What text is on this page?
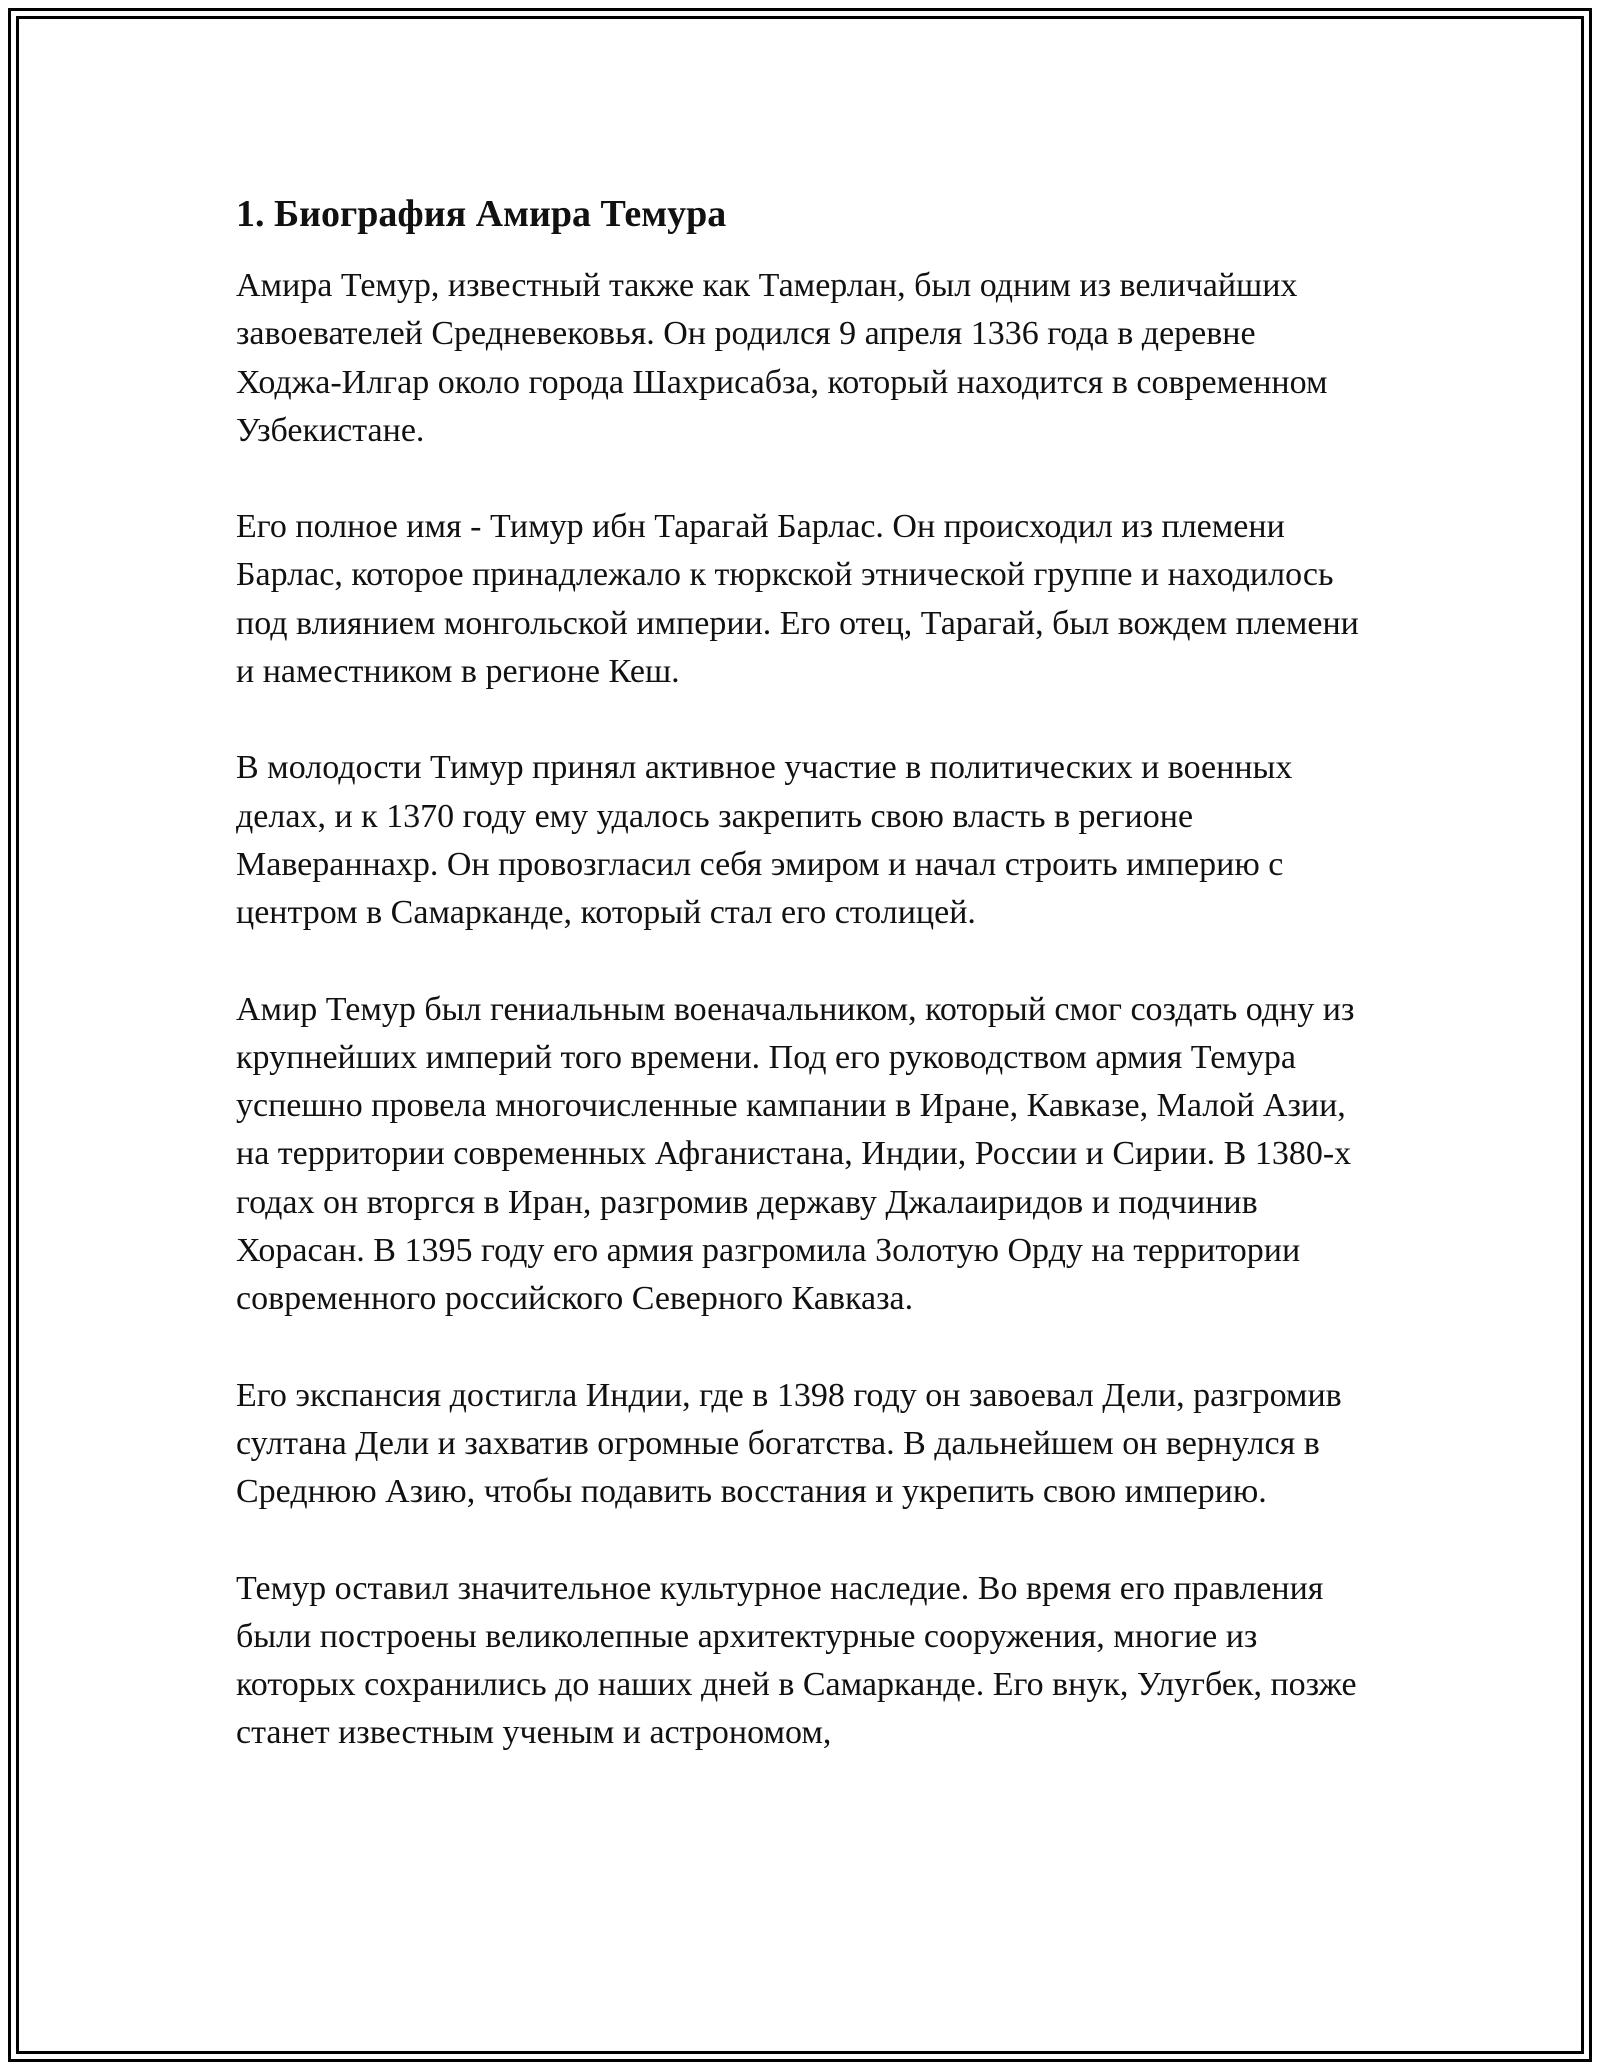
1. Биография Амира Темура

Амира Темур, известный также как Тамерлан, был одним из величайших завоевателей Средневековья. Он родился 9 апреля 1336 года в деревне Ходжа-Илгар около города Шахрисабза, который находится в современном Узбекистане.

Его полное имя - Тимур ибн Тарагай Барлас. Он происходил из племени Барлас, которое принадлежало к тюркской этнической группе и находилось под влиянием монгольской империи. Его отец, Тарагай, был вождем племени и наместником в регионе Кеш.

В молодости Тимур принял активное участие в политических и военных делах, и к 1370 году ему удалось закрепить свою власть в регионе Мавераннахр. Он провозгласил себя эмиром и начал строить империю с центром в Самарканде, который стал его столицей.

Амир Темур был гениальным военачальником, который смог создать одну из крупнейших империй того времени. Под его руководством армия Темура успешно провела многочисленные кампании в Иране, Кавказе, Малой Азии, на территории современных Афганистана, Индии, России и Сирии. В 1380-х годах он вторгся в Иран, разгромив державу Джалаиридов и подчинив Хорасан. В 1395 году его армия разгромила Золотую Орду на территории современного российского Северного Кавказа.

Его экспансия достигла Индии, где в 1398 году он завоевал Дели, разгромив султана Дели и захватив огромные богатства. В дальнейшем он вернулся в Среднюю Азию, чтобы подавить восстания и укрепить свою империю.

Темур оставил значительное культурное наследие. Во время его правления были построены великолепные архитектурные сооружения, многие из которых сохранились до наших дней в Самарканде. Его внук, Улугбек, позже станет известным ученым и астрономом,
